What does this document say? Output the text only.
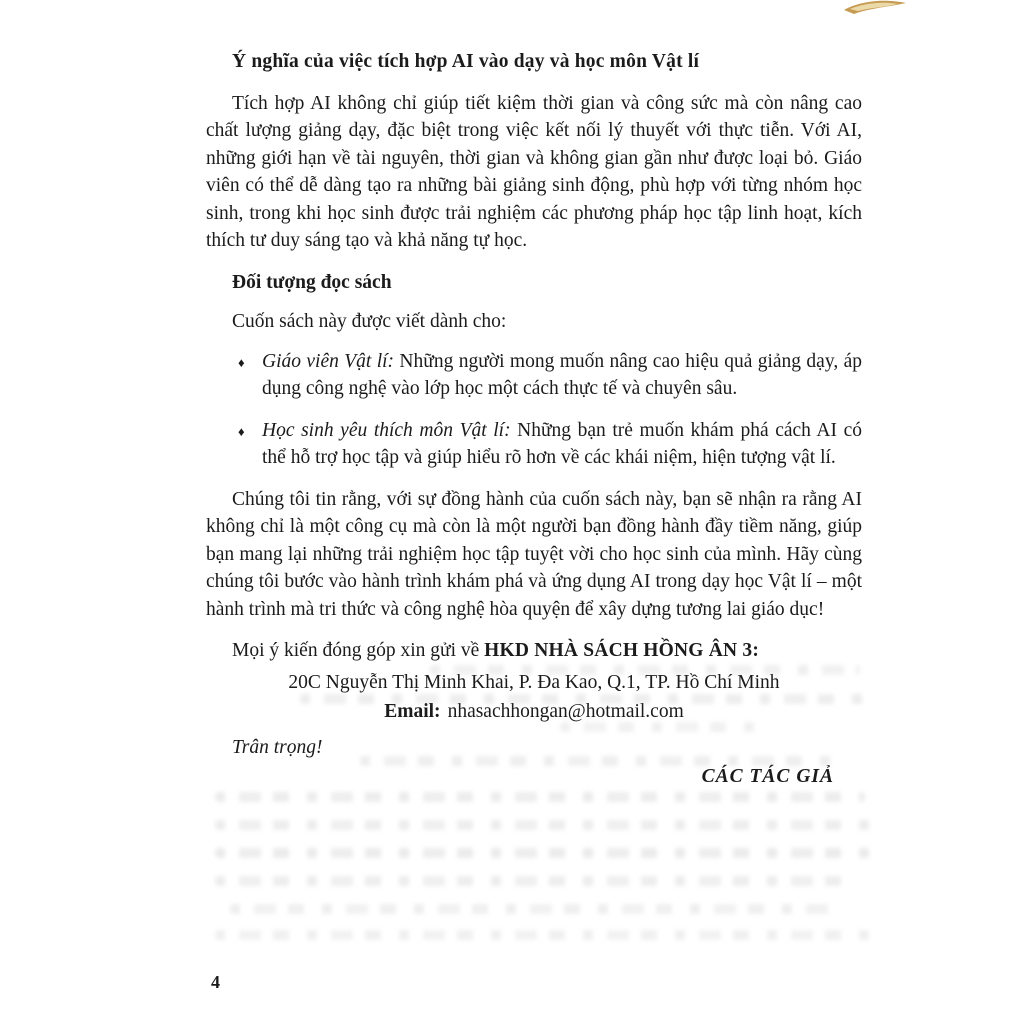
Ý nghĩa của việc tích hợp AI vào dạy và học môn Vật lí

Tích hợp AI không chỉ giúp tiết kiệm thời gian và công sức mà còn nâng cao chất lượng giảng dạy, đặc biệt trong việc kết nối lý thuyết với thực tiễn. Với AI, những giới hạn về tài nguyên, thời gian và không gian gần như được loại bỏ. Giáo viên có thể dễ dàng tạo ra những bài giảng sinh động, phù hợp với từng nhóm học sinh, trong khi học sinh được trải nghiệm các phương pháp học tập linh hoạt, kích thích tư duy sáng tạo và khả năng tự học.

Đối tượng đọc sách

Cuốn sách này được viết dành cho:

♦ Giáo viên Vật lí: Những người mong muốn nâng cao hiệu quả giảng dạy, áp dụng công nghệ vào lớp học một cách thực tế và chuyên sâu.
♦ Học sinh yêu thích môn Vật lí: Những bạn trẻ muốn khám phá cách AI có thể hỗ trợ học tập và giúp hiểu rõ hơn về các khái niệm, hiện tượng vật lí.

Chúng tôi tin rằng, với sự đồng hành của cuốn sách này, bạn sẽ nhận ra rằng AI không chỉ là một công cụ mà còn là một người bạn đồng hành đầy tiềm năng, giúp bạn mang lại những trải nghiệm học tập tuyệt vời cho học sinh của mình. Hãy cùng chúng tôi bước vào hành trình khám phá và ứng dụng AI trong dạy học Vật lí – một hành trình mà tri thức và công nghệ hòa quyện để xây dựng tương lai giáo dục!

Mọi ý kiến đóng góp xin gửi về HKD NHÀ SÁCH HỒNG ÂN 3:

20C Nguyễn Thị Minh Khai, P. Đa Kao, Q.1, TP. Hồ Chí Minh

Email: nhasachhongan@hotmail.com

Trân trọng!

CÁC TÁC GIẢ

4
